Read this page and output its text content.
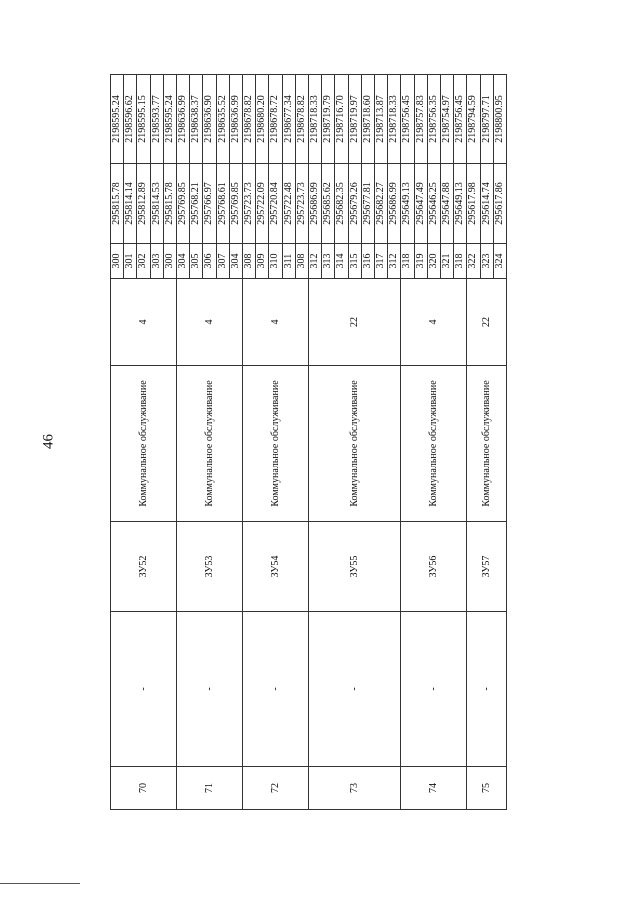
46
70	-	ЗУ52	Коммунальное обслуживание	4	300	295815.78	2198595.24
					301	295814.14	2198596.62
					302	295812.89	2198595.15
					303	295814.53	2198593.77
					300	295815.78	2198595.24
71	-	ЗУ53	Коммунальное обслуживание	4	304	295769.85	2198636.99
					305	295768.21	2198638.37
					306	295766.97	2198636.90
					307	295768.61	2198635.52
					304	295769.85	2198636.99
72	-	ЗУ54	Коммунальное обслуживание	4	308	295723.73	2198678.82
					309	295722.09	2198680.20
					310	295720.84	2198678.72
					311	295722.48	2198677.34
					308	295723.73	2198678.82
73	-	ЗУ55	Коммунальное обслуживание	22	312	295686.99	2198718.33
					313	295685.62	2198719.79
					314	295682.35	2198716.70
					315	295679.26	2198719.97
					316	295677.81	2198718.60
					317	295682.27	2198713.87
					312	295686.99	2198718.33
74	-	ЗУ56	Коммунальное обслуживание	4	318	295649.13	2198756.45
					319	295647.49	2198757.83
					320	295646.25	2198756.35
					321	295647.88	2198754.97
					318	295649.13	2198756.45
75	-	ЗУ57	Коммунальное обслуживание	22	322	295617.98	2198794.59
					323	295614.74	2198797.71
					324	295617.86	2198800.95
